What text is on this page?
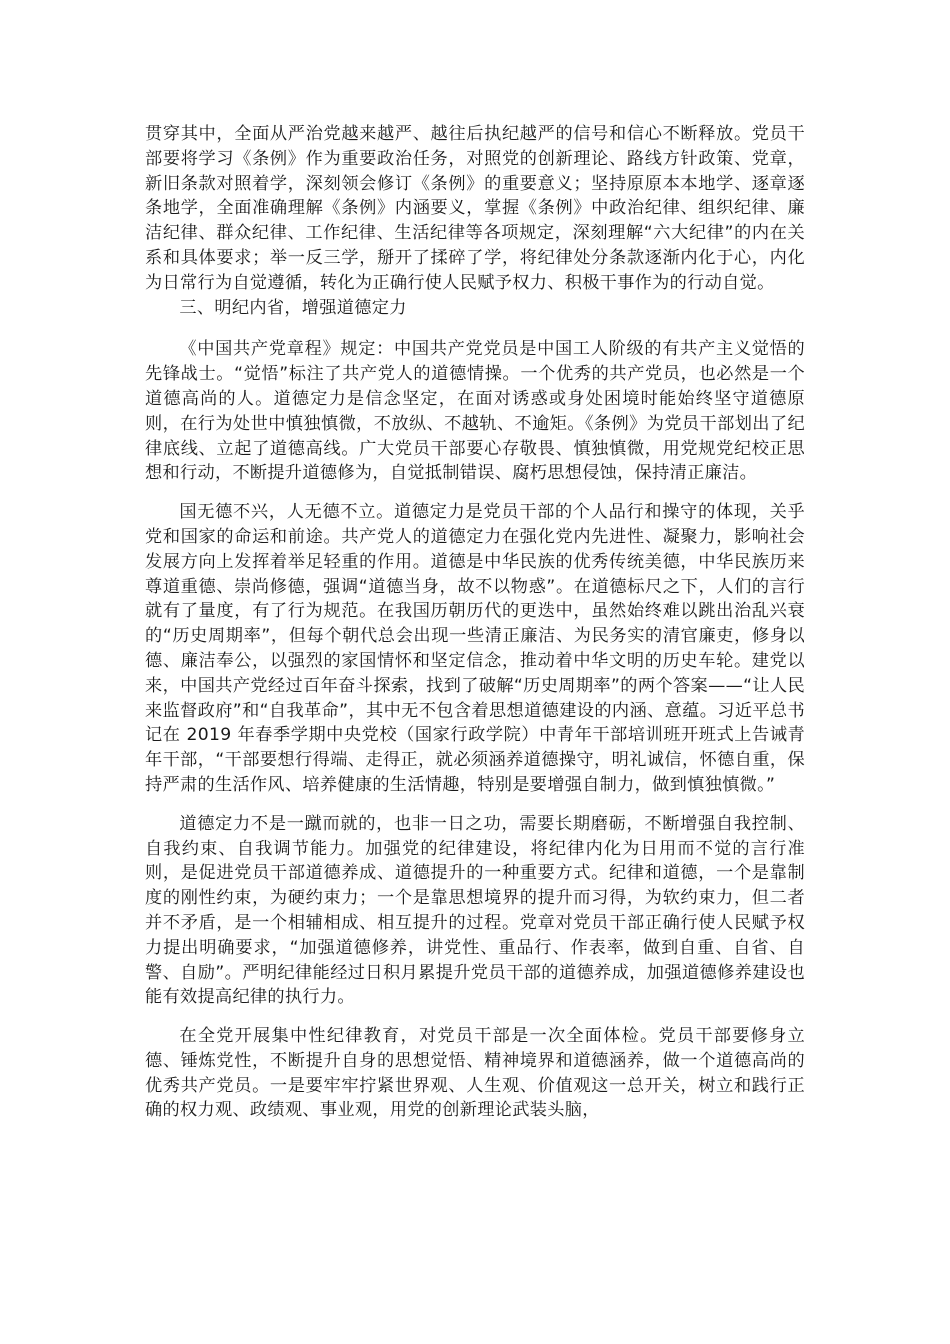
贯穿其中，全面从严治党越来越严、越往后执纪越严的信号和信心不断释放。党员干部要将学习《条例》作为重要政治任务，对照党的创新理论、路线方针政策、党章，新旧条款对照着学，深刻领会修订《条例》的重要意义；坚持原原本本地学、逐章逐条地学，全面准确理解《条例》内涵要义，掌握《条例》中政治纪律、组织纪律、廉洁纪律、群众纪律、工作纪律、生活纪律等各项规定，深刻理解“六大纪律”的内在关系和具体要求；举一反三学，掰开了揉碎了学，将纪律处分条款逐渐内化于心，内化为日常行为自觉遵循，转化为正确行使人民赋予权力、积极干事作为的行动自觉。

三、明纪内省，增强道德定力

《中国共产党章程》规定：中国共产党党员是中国工人阶级的有共产主义觉悟的先锋战士。“觉悟”标注了共产党人的道德情操。一个优秀的共产党员，也必然是一个道德高尚的人。道德定力是信念坚定，在面对诱惑或身处困境时能始终坚守道德原则，在行为处世中慎独慎微，不放纵、不越轨、不逾矩。《条例》为党员干部划出了纪律底线、立起了道德高线。广大党员干部要心存敬畏、慎独慎微，用党规党纪校正思想和行动，不断提升道德修为，自觉抵制错误、腐朽思想侵蚀，保持清正廉洁。

国无德不兴，人无德不立。道德定力是党员干部的个人品行和操守的体现，关乎党和国家的命运和前途。共产党人的道德定力在强化党内先进性、凝聚力，影响社会发展方向上发挥着举足轻重的作用。道德是中华民族的优秀传统美德，中华民族历来尊道重德、崇尚修德，强调“道德当身，故不以物惑”。在道德标尺之下，人们的言行就有了量度，有了行为规范。在我国历朝历代的更迭中，虽然始终难以跳出治乱兴衰的“历史周期率”，但每个朝代总会出现一些清正廉洁、为民务实的清官廉吏，修身以德、廉洁奉公，以强烈的家国情怀和坚定信念，推动着中华文明的历史车轮。建党以来，中国共产党经过百年奋斗探索，找到了破解“历史周期率”的两个答案——“让人民来监督政府”和“自我革命”，其中无不包含着思想道德建设的内涵、意蕴。习近平总书记在 2019 年春季学期中央党校（国家行政学院）中青年干部培训班开班式上告诫青年干部，“干部要想行得端、走得正，就必须涵养道德操守，明礼诚信，怀德自重，保持严肃的生活作风、培养健康的生活情趣，特别是要增强自制力，做到慎独慎微。”

道德定力不是一蹴而就的，也非一日之功，需要长期磨砺，不断增强自我控制、自我约束、自我调节能力。加强党的纪律建设，将纪律内化为日用而不觉的言行准则，是促进党员干部道德养成、道德提升的一种重要方式。纪律和道德，一个是靠制度的刚性约束，为硬约束力；一个是靠思想境界的提升而习得，为软约束力，但二者并不矛盾，是一个相辅相成、相互提升的过程。党章对党员干部正确行使人民赋予权力提出明确要求，“加强道德修养，讲党性、重品行、作表率，做到自重、自省、自警、自励”。严明纪律能经过日积月累提升党员干部的道德养成，加强道德修养建设也能有效提高纪律的执行力。

在全党开展集中性纪律教育，对党员干部是一次全面体检。党员干部要修身立德、锤炼党性，不断提升自身的思想觉悟、精神境界和道德涵养，做一个道德高尚的优秀共产党员。一是要牢牢拧紧世界观、人生观、价值观这一总开关，树立和践行正确的权力观、政绩观、事业观，用党的创新理论武装头脑，
